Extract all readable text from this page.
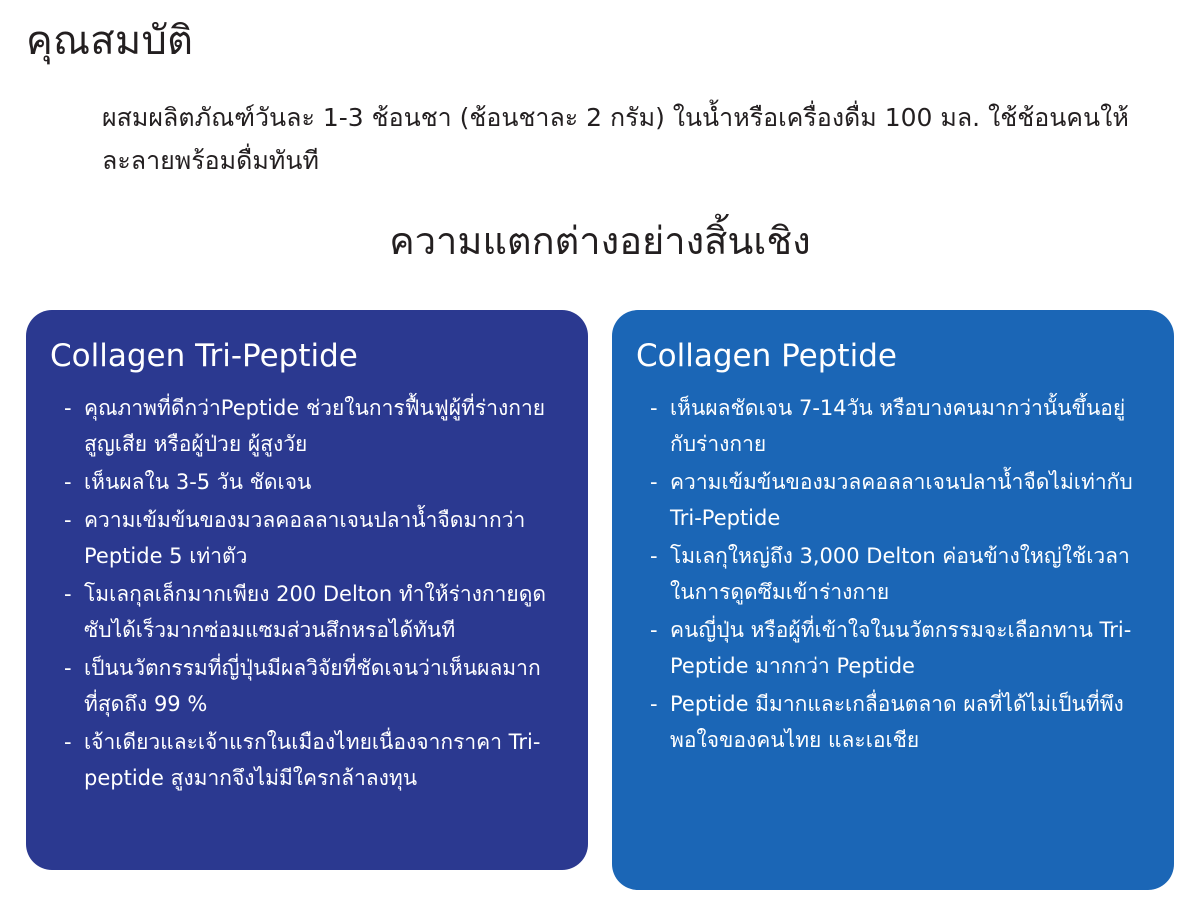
คุณสมบัติ
ผสมผลิตภัณฑ์วันละ 1-3 ช้อนชา (ช้อนชาละ 2 กรัม) ในน้ำหรือเครื่องดื่ม 100 มล. ใช้ช้อนคนให้ละลายพร้อมดื่มทันที
ความแตกต่างอย่างสิ้นเชิง
Collagen Tri-Peptide
- คุณภาพที่ดีกว่าPeptide ช่วยในการฟื้นฟูผู้ที่ร่างกายสูญเสีย หรือผู้ป่วย ผู้สูงวัย
- เห็นผลใน 3-5 วัน ชัดเจน
- ความเข้มข้นของมวลคอลลาเจนปลาน้ำจืดมากว่า Peptide 5 เท่าตัว
- โมเลกุลเล็กมากเพียง 200 Delton ทำให้ร่างกายดูดซับได้เร็วมากซ่อมแซมส่วนสึกหรอได้ทันที
- เป็นนวัตกรรมที่ญี่ปุ่นมีผลวิจัยที่ชัดเจนว่าเห็นผลมากที่สุดถึง 99 %
- เจ้าเดียวและเจ้าแรกในเมืองไทยเนื่องจากราคา Tri-peptide สูงมากจึงไม่มีใครกล้าลงทุน
Collagen Peptide
- เห็นผลชัดเจน 7-14วัน หรือบางคนมากว่านั้นขึ้นอยู่กับร่างกาย
- ความเข้มข้นของมวลคอลลาเจนปลาน้ำจืดไม่เท่ากับ Tri-Peptide
- โมเลกุใหญ่ถึง 3,000 Delton ค่อนข้างใหญ่ใช้เวลาในการดูดซึมเข้าร่างกาย
- คนญี่ปุ่น หรือผู้ที่เข้าใจในนวัตกรรมจะเลือกทาน Tri-Peptide มากกว่า Peptide
- Peptide มีมากและเกลื่อนตลาด ผลที่ได้ไม่เป็นที่พึงพอใจของคนไทย และเอเชีย
